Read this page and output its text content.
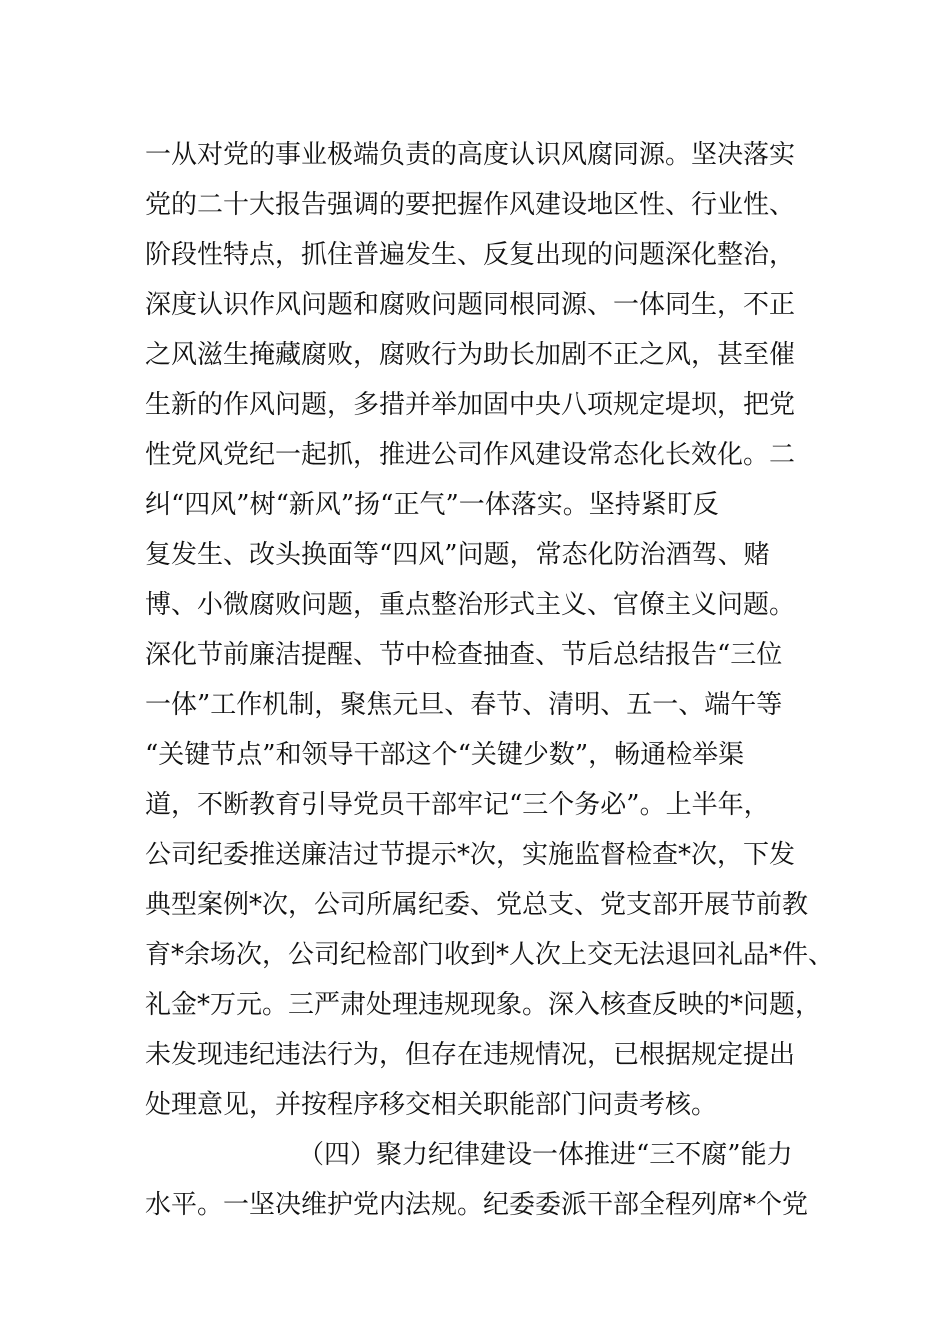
一从对党的事业极端负责的高度认识风腐同源。坚决落实
党的二十大报告强调的要把握作风建设地区性、行业性、
阶段性特点，抓住普遍发生、反复出现的问题深化整治，
深度认识作风问题和腐败问题同根同源、一体同生，不正
之风滋生掩藏腐败，腐败行为助长加剧不正之风，甚至催
生新的作风问题，多措并举加固中央八项规定堤坝，把党
性党风党纪一起抓，推进公司作风建设常态化长效化。二
纠“四风”树“新风”扬“正气”一体落实。坚持紧盯反
复发生、改头换面等“四风”问题，常态化防治酒驾、赌
博、小微腐败问题，重点整治形式主义、官僚主义问题。
深化节前廉洁提醒、节中检查抽查、节后总结报告“三位
一体”工作机制，聚焦元旦、春节、清明、五一、端午等
“关键节点”和领导干部这个“关键少数”，畅通检举渠
道，不断教育引导党员干部牢记“三个务必”。上半年，
公司纪委推送廉洁过节提示*次，实施监督检查*次，下发
典型案例*次，公司所属纪委、党总支、党支部开展节前教
育*余场次，公司纪检部门收到*人次上交无法退回礼品*件、
礼金*万元。三严肃处理违规现象。深入核查反映的*问题，
未发现违纪违法行为，但存在违规情况，已根据规定提出
处理意见，并按程序移交相关职能部门问责考核。
（四）聚力纪律建设一体推进“三不腐”能力
水平。一坚决维护党内法规。纪委委派干部全程列席*个党
